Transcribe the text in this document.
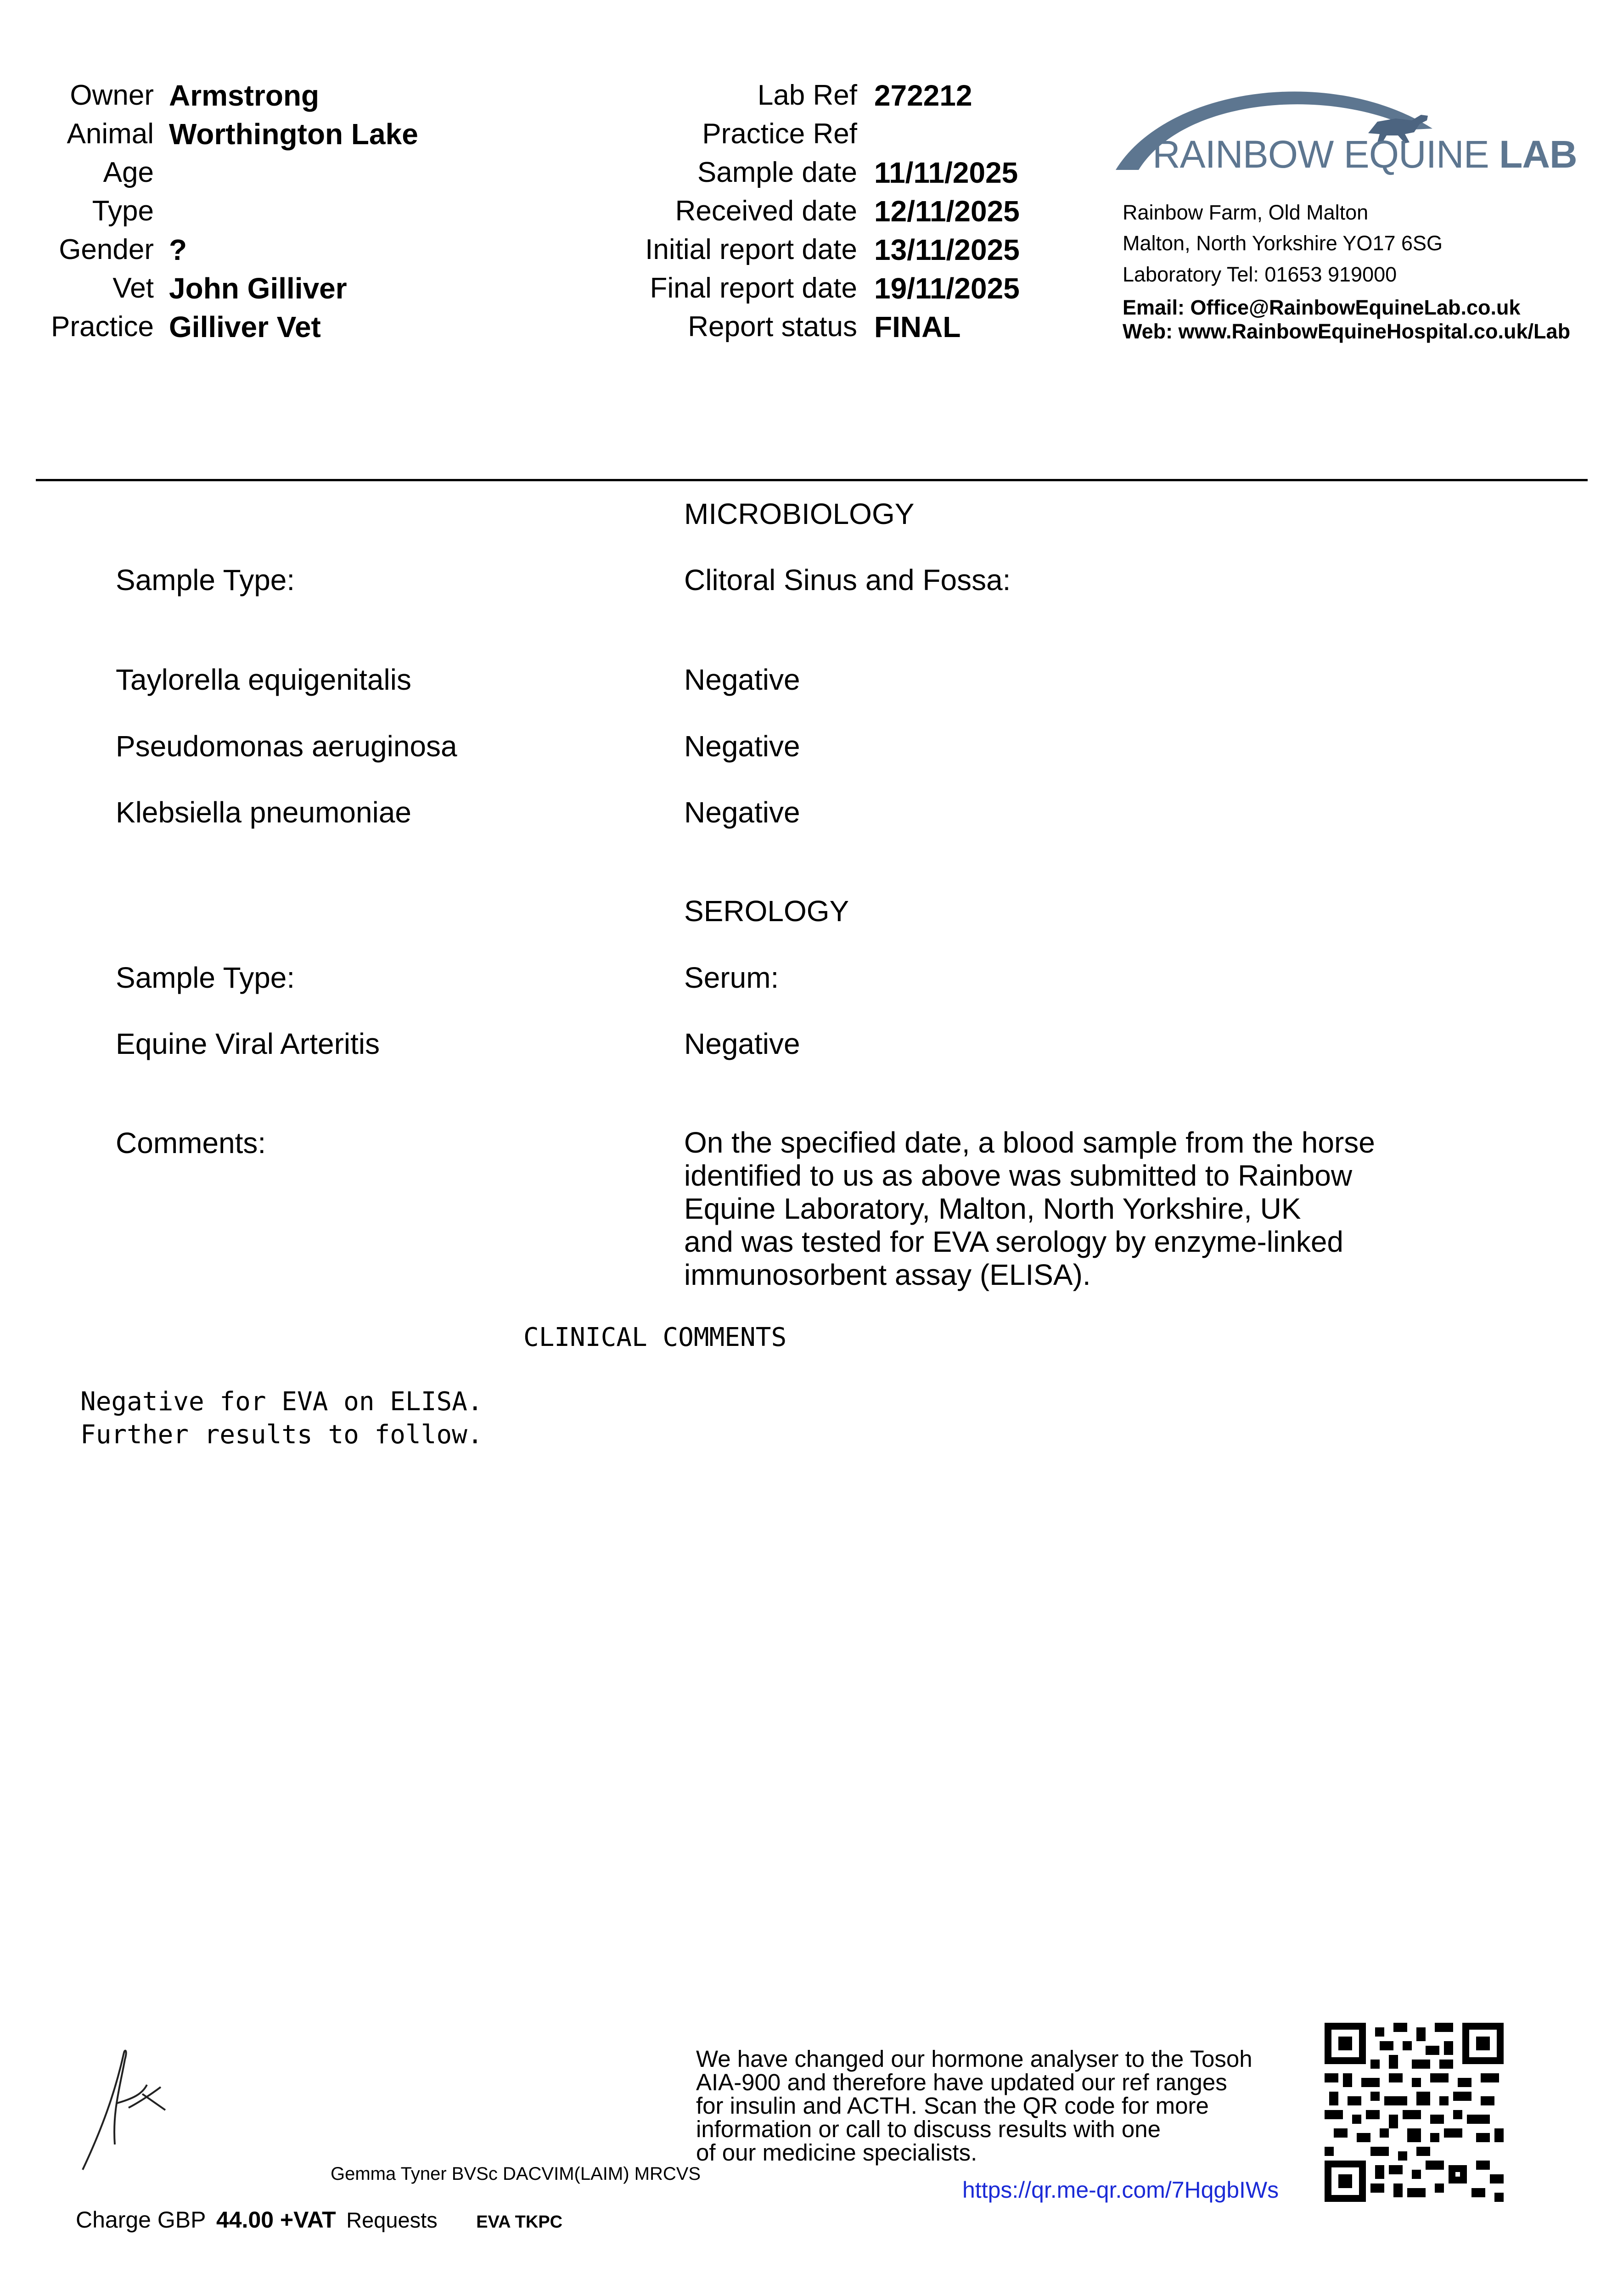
Owner Armstrong
Animal Worthington Lake
Age
Type
Gender ?
Vet John Gilliver
Practice Gilliver Vet
Lab Ref 272212
Practice Ref
Sample date 11/11/2025
Received date 12/11/2025
Initial report date 13/11/2025
Final report date 19/11/2025
Report status FINAL
RAINBOW EQUINE LAB
Rainbow Farm, Old Malton
Malton, North Yorkshire YO17 6SG
Laboratory Tel: 01653 919000
Email: Office@RainbowEquineLab.co.uk
Web: www.RainbowEquineHospital.co.uk/Lab
MICROBIOLOGY
Sample Type:	Clitoral Sinus and Fossa:
Taylorella equigenitalis	Negative
Pseudomonas aeruginosa	Negative
Klebsiella pneumoniae	Negative
SEROLOGY
Sample Type:	Serum:
Equine Viral Arteritis	Negative
Comments:	On the specified date, a blood sample from the horse
identified to us as above was submitted to Rainbow
Equine Laboratory, Malton, North Yorkshire, UK
and was tested for EVA serology by enzyme-linked
immunosorbent assay (ELISA).
CLINICAL COMMENTS
Negative for EVA on ELISA.
Further results to follow.
Gemma Tyner BVSc DACVIM(LAIM) MRCVS
Charge GBP 44.00 +VAT Requests EVA TKPC
We have changed our hormone analyser to the Tosoh
AIA-900 and therefore have updated our ref ranges
for insulin and ACTH. Scan the QR code for more
information or call to discuss results with one
of our medicine specialists.
https://qr.me-qr.com/7HqgbIWs
